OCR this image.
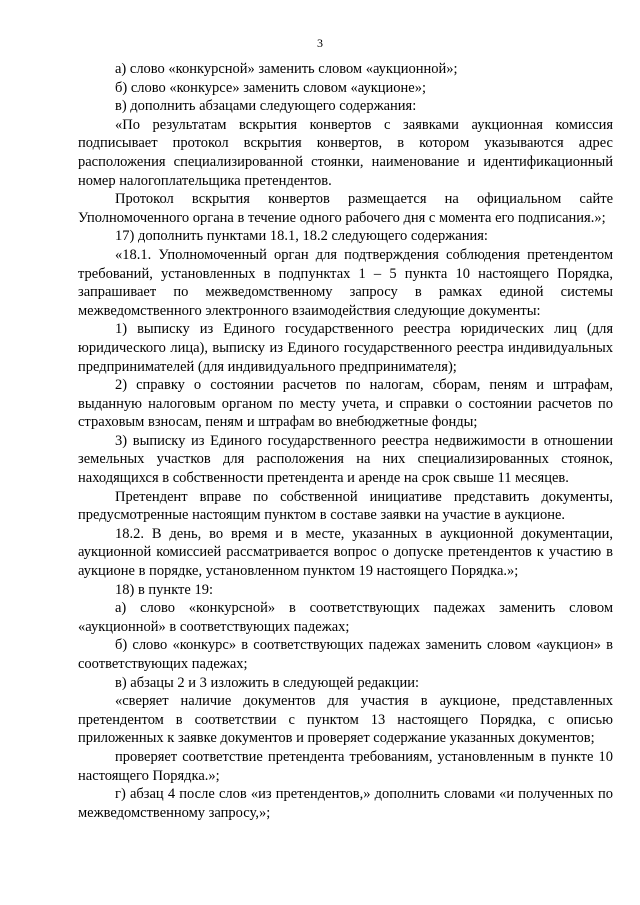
3

а) слово «конкурсной» заменить словом «аукционной»;

б) слово «конкурсе» заменить словом «аукционе»;

в) дополнить абзацами следующего содержания:

«По результатам вскрытия конвертов с заявками аукционная комиссия подписывает протокол вскрытия конвертов, в котором указываются адрес расположения специализированной стоянки, наименование и идентификационный номер налогоплательщика претендентов.

Протокол вскрытия конвертов размещается на официальном сайте Уполномоченного органа в течение одного рабочего дня с момента его подписания.»;

17) дополнить пунктами 18.1, 18.2 следующего содержания:

«18.1. Уполномоченный орган для подтверждения соблюдения претендентом требований, установленных в подпунктах 1 – 5 пункта 10 настоящего Порядка, запрашивает по межведомственному запросу в рамках единой системы межведомственного электронного взаимодействия следующие документы:

1) выписку из Единого государственного реестра юридических лиц (для юридического лица), выписку из Единого государственного реестра индивидуальных предпринимателей (для индивидуального предпринимателя);

2) справку о состоянии расчетов по налогам, сборам, пеням и штрафам, выданную налоговым органом по месту учета, и справки о состоянии расчетов по страховым взносам, пеням и штрафам во внебюджетные фонды;

3) выписку из Единого государственного реестра недвижимости в отношении земельных участков для расположения на них специализированных стоянок, находящихся в собственности претендента и аренде на срок свыше 11 месяцев.

Претендент вправе по собственной инициативе представить документы, предусмотренные настоящим пунктом в составе заявки на участие в аукционе.

18.2. В день, во время и в месте, указанных в аукционной документации, аукционной комиссией рассматривается вопрос о допуске претендентов к участию в аукционе в порядке, установленном пунктом 19 настоящего Порядка.»;

18) в пункте 19:

а) слово «конкурсной» в соответствующих падежах заменить словом «аукционной» в соответствующих падежах;

б) слово «конкурс» в соответствующих падежах заменить словом «аукцион» в соответствующих падежах;

в) абзацы 2 и 3 изложить в следующей редакции:

«сверяет наличие документов для участия в аукционе, представленных претендентом в соответствии с пунктом 13 настоящего Порядка, с описью приложенных к заявке документов и проверяет содержание указанных документов;

проверяет соответствие претендента требованиям, установленным в пункте 10 настоящего Порядка.»;

г) абзац 4 после слов «из претендентов,» дополнить словами «и полученных по межведомственному запросу,»;
